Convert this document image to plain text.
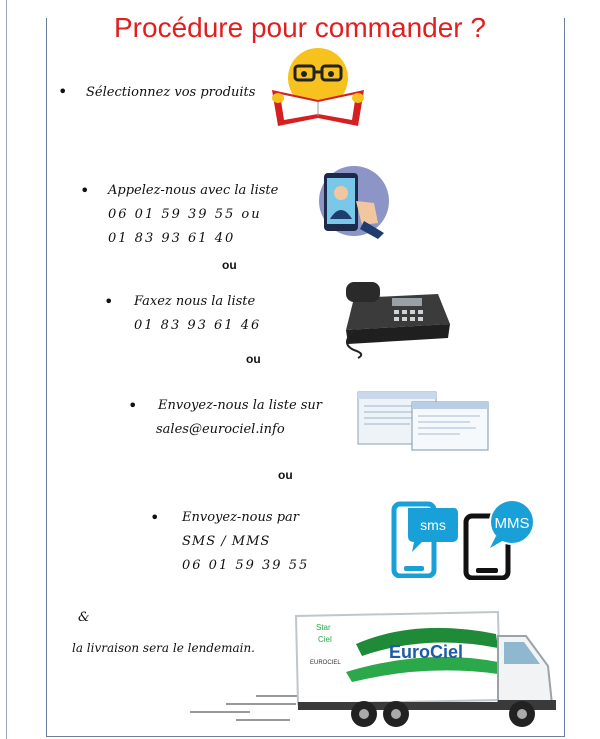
Procédure pour commander ?
• Sélectionnez vos produits
• Appelez-nous avec la liste
06 01 59 39 55 ou
01 83 93 61 40
ou
• Faxez nous la liste
01 83 93 61 46
ou
• Envoyez-nous la liste sur
sales@eurociel.info
ou
• Envoyez-nous par
SMS / MMS
06 01 59 39 55
sms	MMS
&
la livraison sera le lendemain.	EuroCiel
Star
Ciel
EUROCIEL
